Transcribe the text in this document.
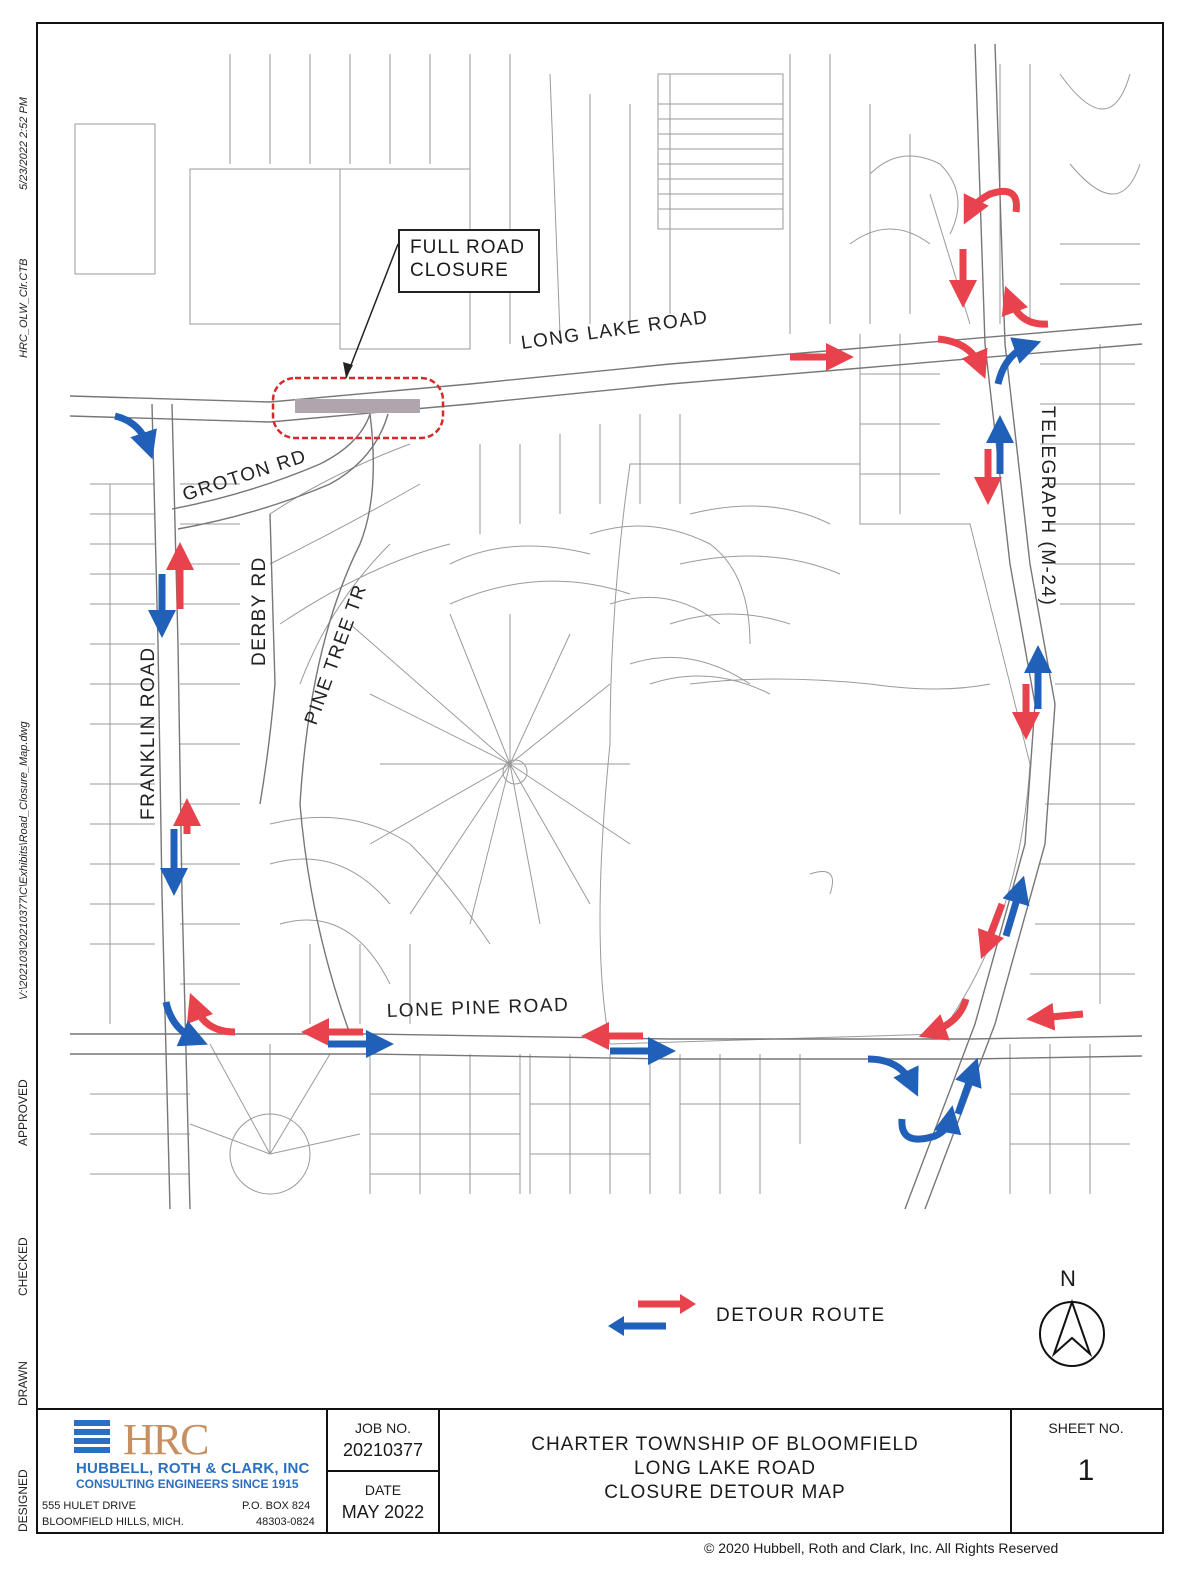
5/23/2022 2:52 PM
HRC_OLW_Clr.CTB
V:\202103\20210377\C\Exhibits\Road_Closure_Map.dwg
APPROVED
CHECKED
DRAWN
DESIGNED
LONG LAKE ROAD
GROTON RD
DERBY RD PINE TREE TR
FRANKLIN ROAD
TELEGRAPH (M-24)
LONE PINE ROAD
FULL ROAD
CLOSURE
DETOUR ROUTE
N
HRC
HUBBELL, ROTH & CLARK, INC
CONSULTING ENGINEERS SINCE 1915
555 HULET DRIVE
BLOOMFIELD HILLS, MICH.
P.O. BOX 824
48303-0824
JOB NO.
20210377
DATE
MAY 2022
CHARTER TOWNSHIP OF BLOOMFIELD
LONG LAKE ROAD
CLOSURE DETOUR MAP
SHEET NO.
1
© 2020 Hubbell, Roth and Clark, Inc. All Rights Reserved
